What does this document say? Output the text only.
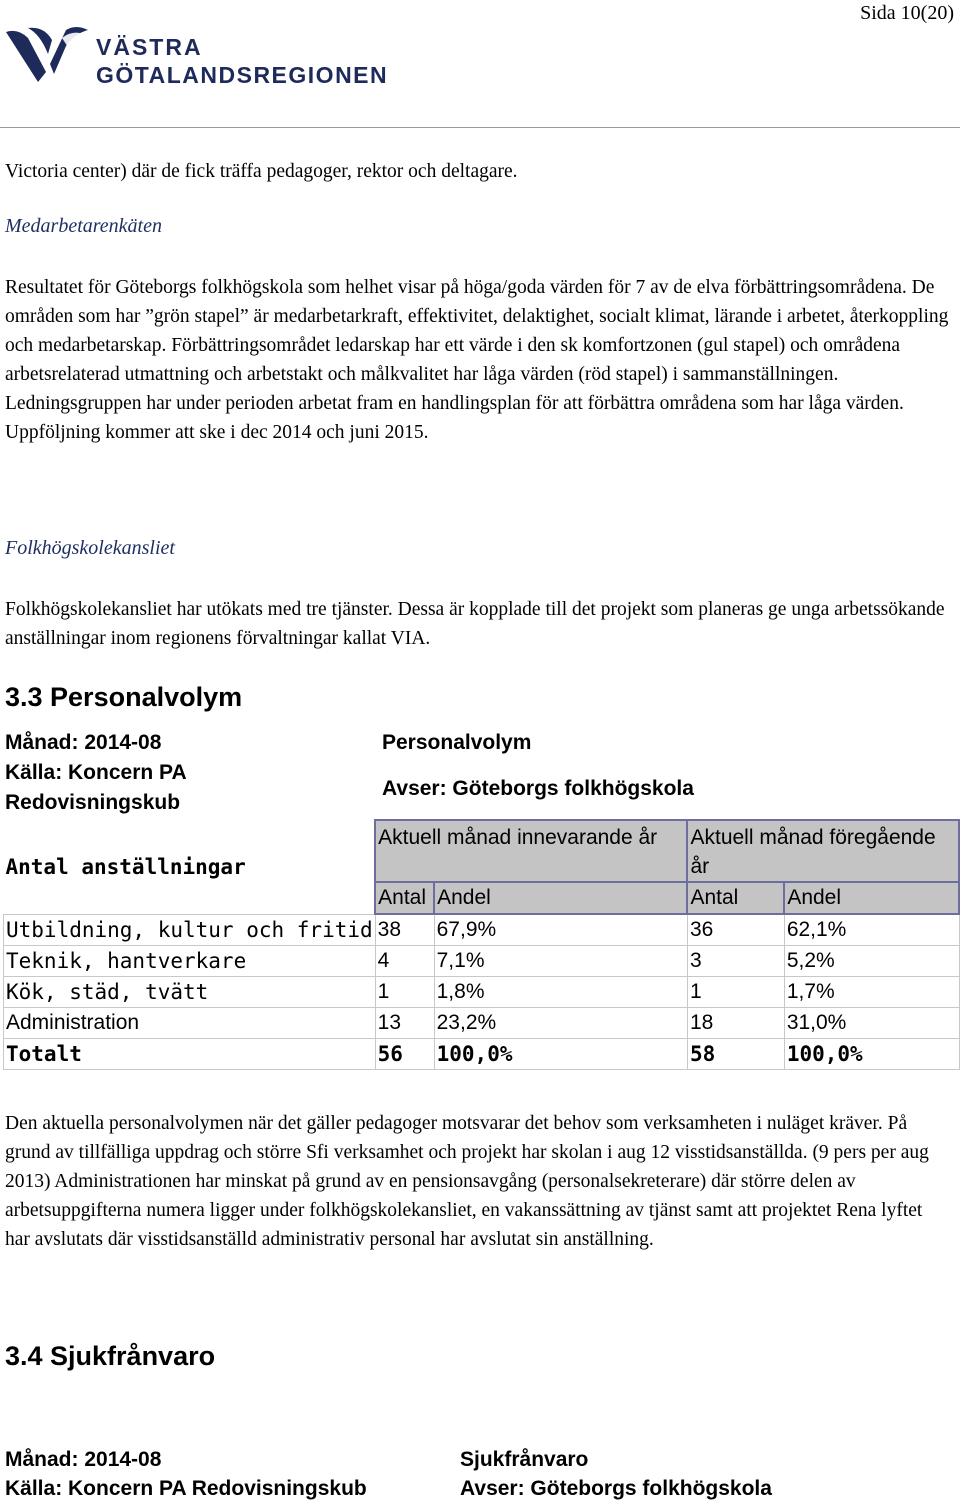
Sida 10(20)
VÄSTRA
GÖTALANDSREGIONEN
Victoria center) där de fick träffa pedagoger, rektor och deltagare.
Medarbetarenkäten
Resultatet för Göteborgs folkhögskola som helhet visar på höga/goda värden för 7 av de elva förbättringsområdena. De områden som har ”grön stapel” är medarbetarkraft, effektivitet, delaktighet, socialt klimat, lärande i arbetet, återkoppling och medarbetarskap. Förbättringsområdet ledarskap har ett värde i den sk komfortzonen (gul stapel) och områdena arbetsrelaterad utmattning och arbetstakt och målkvalitet har låga värden (röd stapel) i sammanställningen. Ledningsgruppen har under perioden arbetat fram en handlingsplan för att förbättra områdena som har låga värden. Uppföljning kommer att ske i dec 2014 och juni 2015.
Folkhögskolekansliet
Folkhögskolekansliet har utökats med tre tjänster. Dessa är kopplade till det projekt som planeras ge unga arbetssökande anställningar inom regionens förvaltningar kallat VIA.
3.3 Personalvolym
Månad: 2014-08
Källa: Koncern PA
Redovisningskub
Personalvolym
Avser: Göteborgs folkhögskola
Antal anställningar	Aktuell månad innevarande år		Aktuell månad föregående år	
	Antal	Andel	Antal	Andel
Utbildning, kultur och fritid	38	67,9%	36	62,1%
Teknik, hantverkare	4	7,1%	3	5,2%
Kök, städ, tvätt	1	1,8%	1	1,7%
Administration	13	23,2%	18	31,0%
Totalt	56	100,0%	58	100,0%
Den aktuella personalvolymen när det gäller pedagoger motsvarar det behov som verksamheten i nuläget kräver. På grund av tillfälliga uppdrag och större Sfi verksamhet och projekt har skolan i aug 12 visstidsanställda. (9 pers per aug 2013) Administrationen har minskat på grund av en pensionsavgång (personalsekreterare) där större delen av arbetsuppgifterna numera ligger under folkhögskolekansliet, en vakanssättning av tjänst samt att projektet Rena lyftet har avslutats där visstidsanställd administrativ personal har avslutat sin anställning.
3.4 Sjukfrånvaro
Månad: 2014-08	Sjukfrånvaro
Källa: Koncern PA Redovisningskub	Avser: Göteborgs folkhögskola
